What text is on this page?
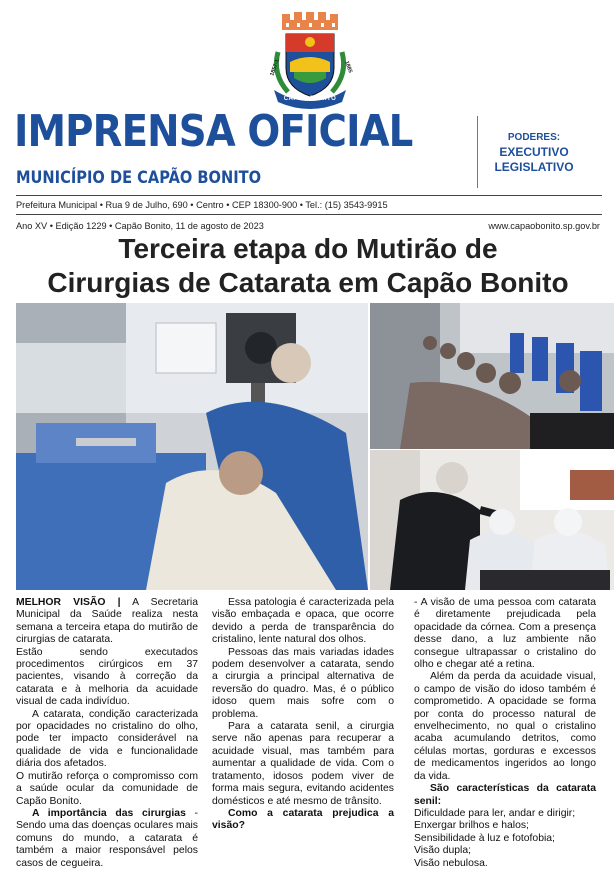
CAPÃO BONITO
1857-1.	1885
IMPRENSA OFICIAL
MUNICÍPIO DE CAPÃO BONITO
PODERES:
EXECUTIVO
LEGISLATIVO
Prefeitura Municipal • Rua 9 de Julho, 690 • Centro • CEP 18300-900 • Tel.: (15) 3543-9915
Ano XV • Edição 1229 • Capão Bonito, 11 de agosto de 2023	www.capaobonito.sp.gov.br
Terceira etapa do Mutirão de
Cirurgias de Catarata em Capão Bonito

MELHOR VISÃO | A Secretaria Municipal da Saúde realiza nesta semana a terceira etapa do mutirão de cirurgias de catarata.

Estão sendo executados procedimentos cirúrgicos em 37 pacientes, visando à correção da catarata e à melhoria da acuidade visual de cada indivíduo.

A catarata, condição caracterizada por opacidades no cristalino do olho, pode ter impacto considerável na qualidade de vida e funcionalidade diária dos afetados.

O mutirão reforça o compromisso com a saúde ocular da comunidade de Capão Bonito.

A importância das cirurgias - Sendo uma das doenças oculares mais comuns do mundo, a catarata é também a maior responsável pelos casos de cegueira.

Essa patologia é caracterizada pela visão embaçada e opaca, que ocorre devido a perda de transparência do cristalino, lente natural dos olhos.

Pessoas das mais variadas idades podem desenvolver a catarata, sendo a cirurgia a principal alternativa de reversão do quadro. Mas, é o público idoso quem mais sofre com o problema.

Para a catarata senil, a cirurgia serve não apenas para recuperar a acuidade visual, mas também para aumentar a qualidade de vida. Com o tratamento, idosos podem viver de forma mais segura, evitando acidentes domésticos e até mesmo de trânsito.

Como a catarata prejudica a visão?

- A visão de uma pessoa com catarata é diretamente prejudicada pela opacidade da córnea. Com a presença desse dano, a luz ambiente não consegue ultrapassar o cristalino do olho e chegar até a retina.

Além da perda da acuidade visual, o campo de visão do idoso também é comprometido. A opacidade se forma por conta do processo natural de envelhecimento, no qual o cristalino acaba acumulando detritos, como células mortas, gorduras e excessos de medicamentos ingeridos ao longo da vida.

São características da catarata senil:

Dificuldade para ler, andar e dirigir;

Enxergar brilhos e halos;

Sensibilidade à luz e fotofobia;

Visão dupla;

Visão nebulosa.
